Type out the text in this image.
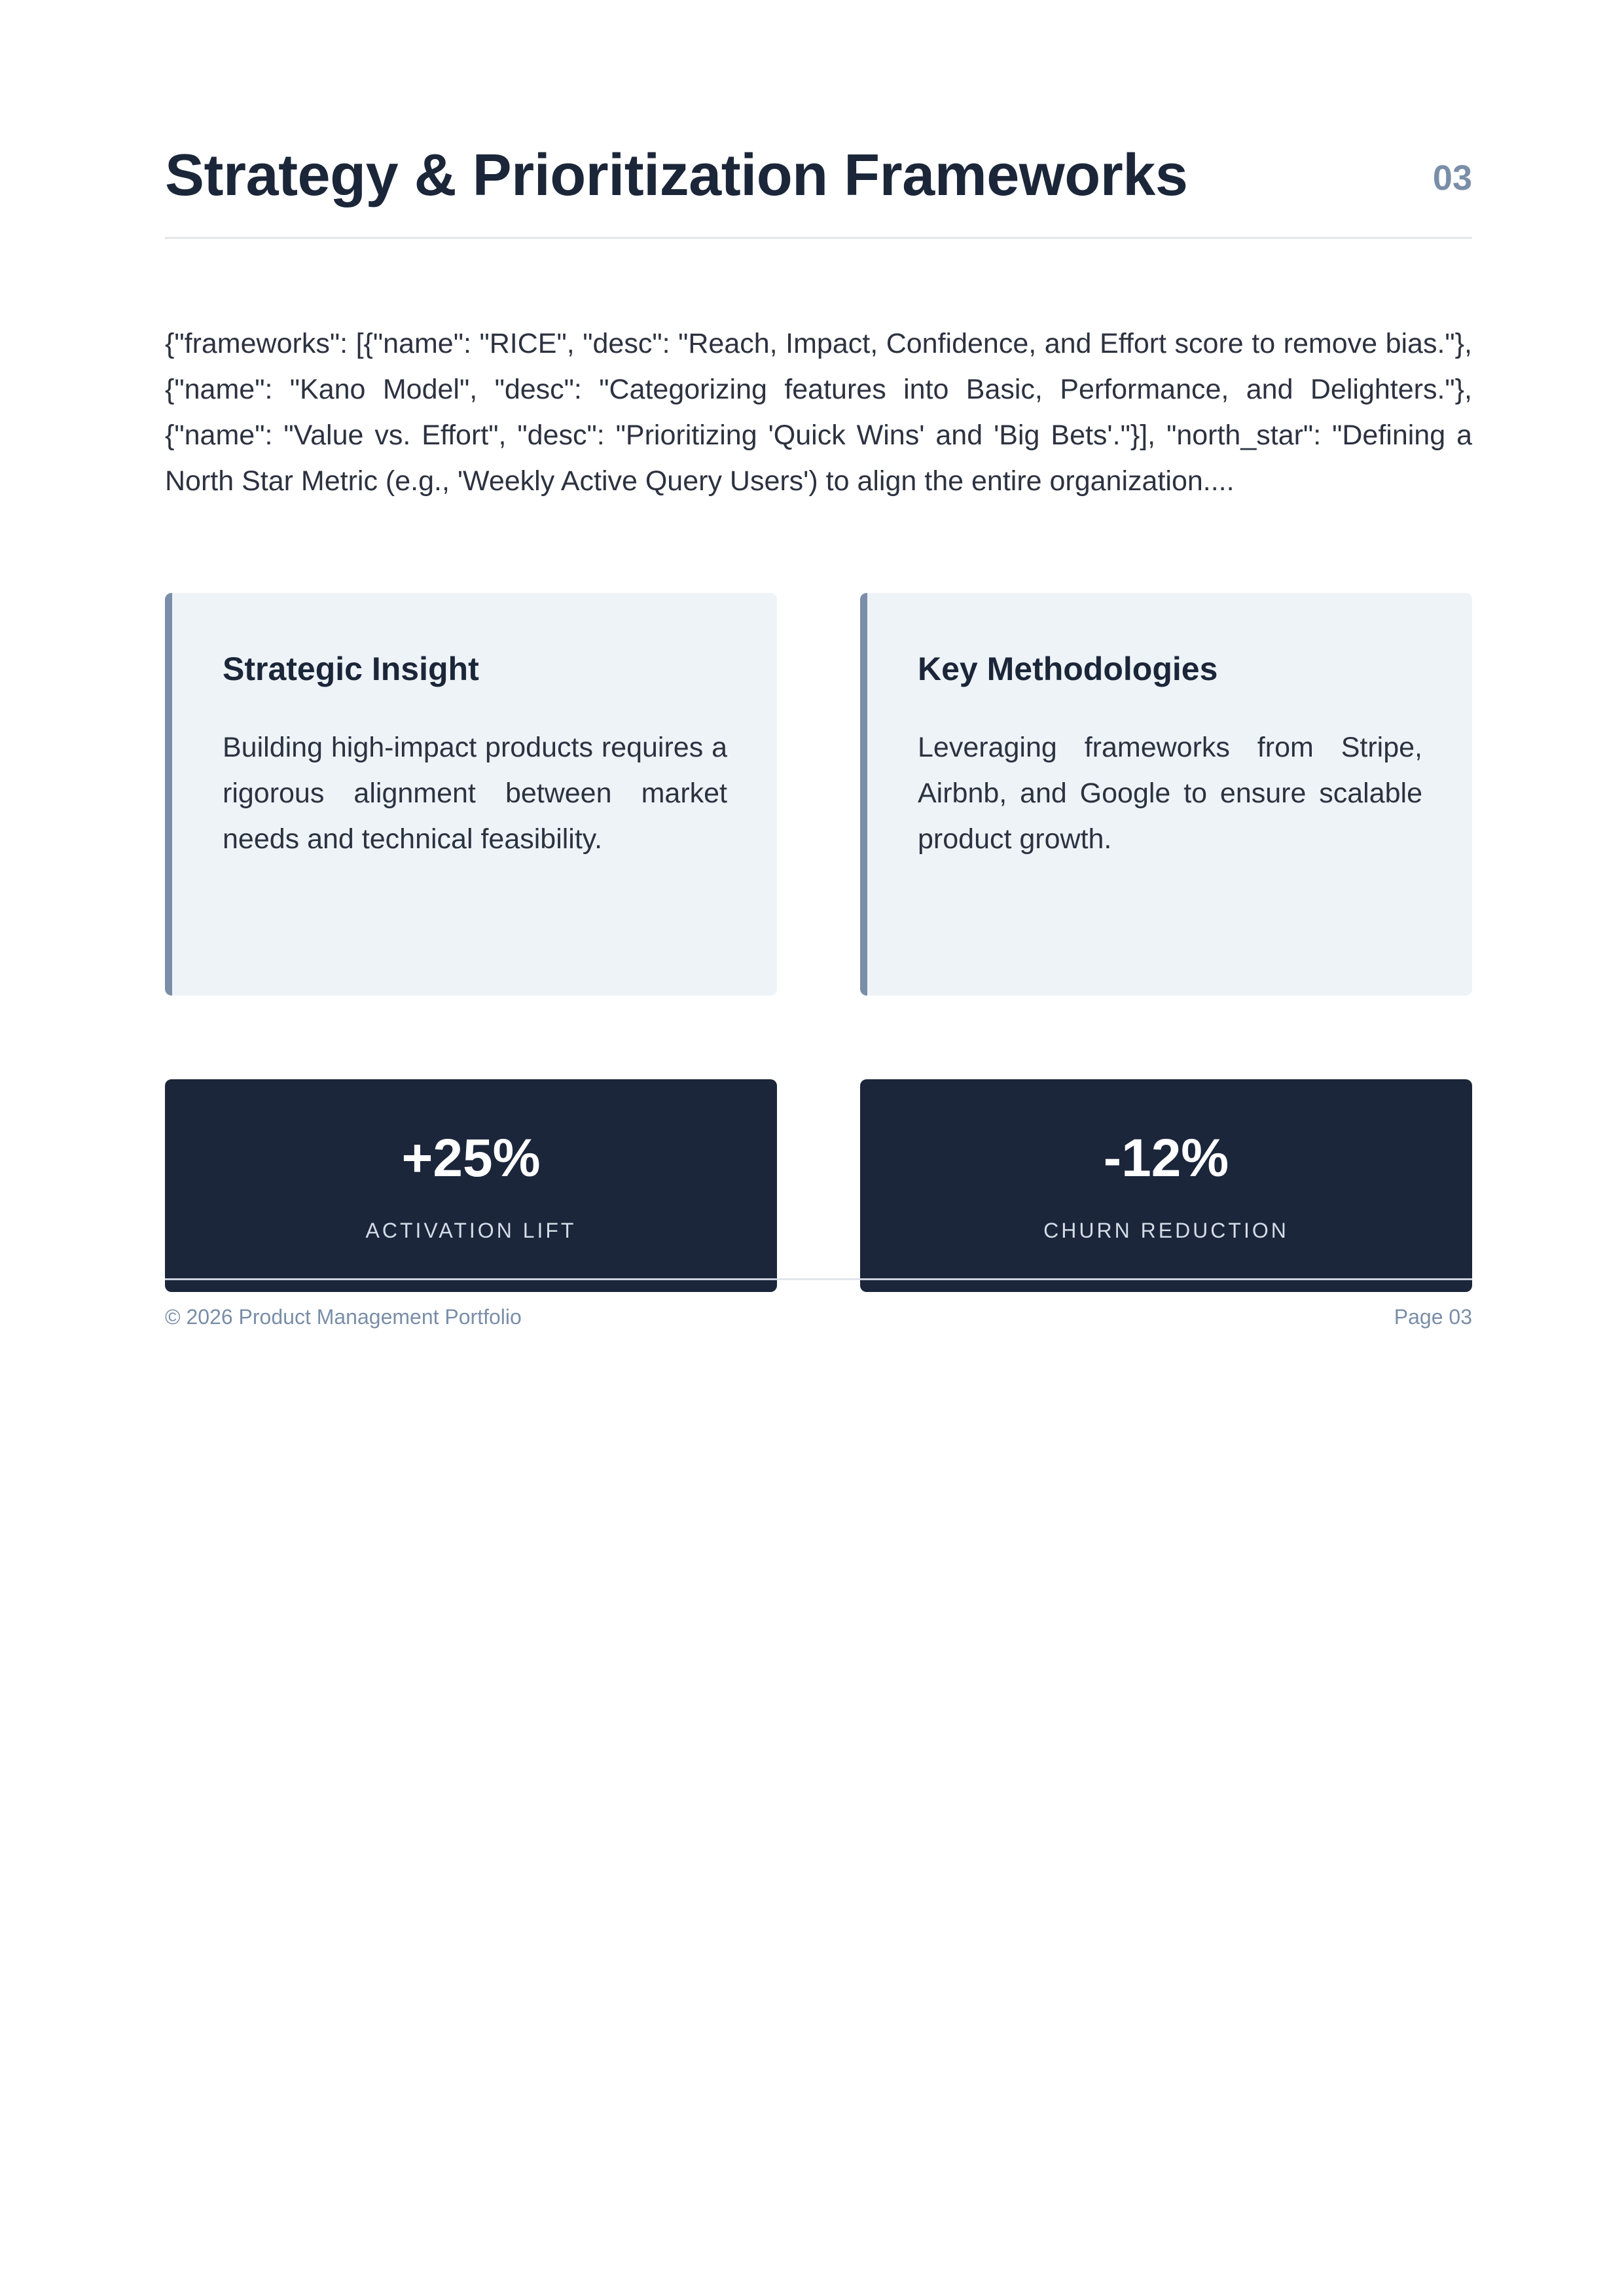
Strategy & Prioritization Frameworks	03

{"frameworks": [{"name": "RICE", "desc": "Reach, Impact, Confidence, and Effort score to remove bias."}, {"name": "Kano Model", "desc": "Categorizing features into Basic, Performance, and Delighters."}, {"name": "Value vs. Effort", "desc": "Prioritizing 'Quick Wins' and 'Big Bets'."}], "north_star": "Defining a North Star Metric (e.g., 'Weekly Active Query Users') to align the entire organization....

Strategic Insight

Building high-impact products requires a rigorous alignment between market needs and technical feasibility.

Key Methodologies

Leveraging frameworks from Stripe, Airbnb, and Google to ensure scalable product growth.

+25%
ACTIVATION LIFT
-12%
CHURN REDUCTION
© 2026 Product Management Portfolio	Page 03
